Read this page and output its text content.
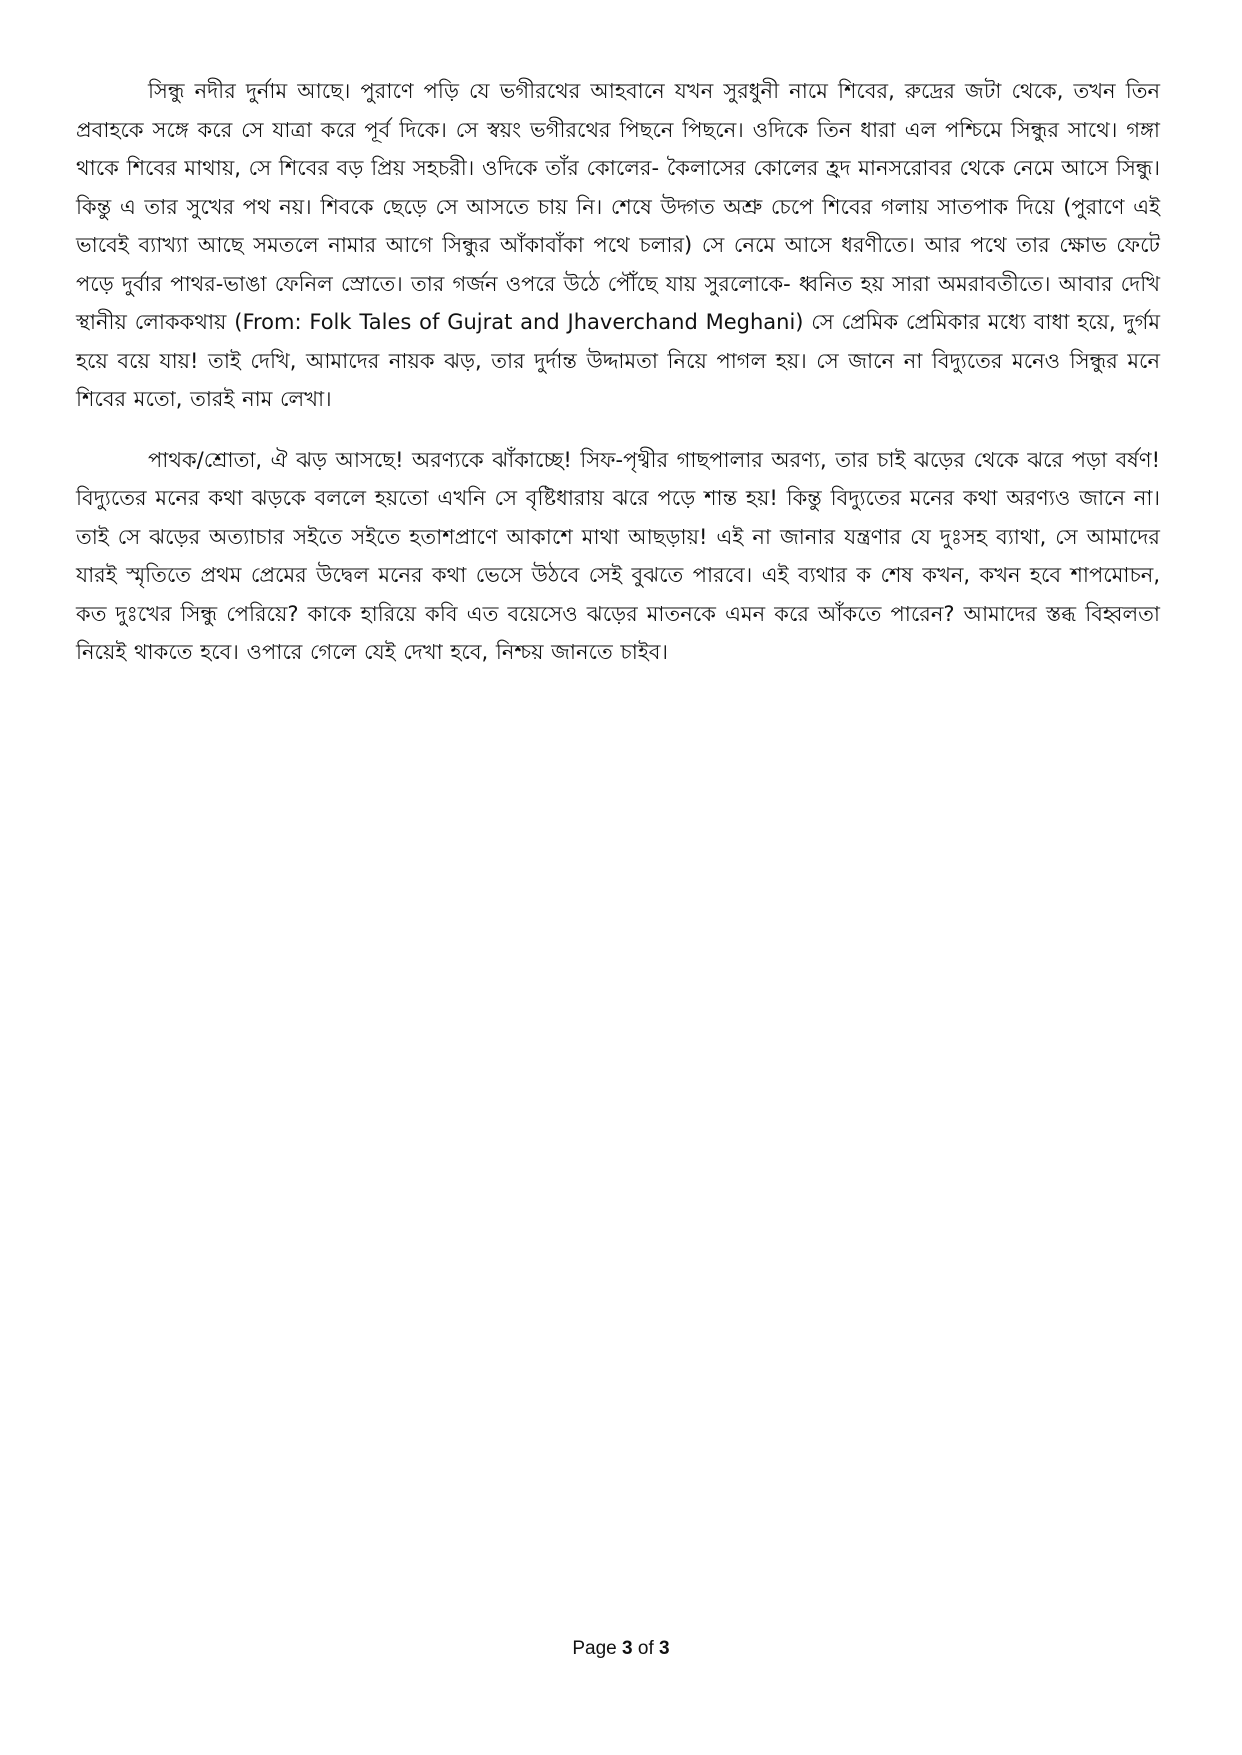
সিন্ধু নদীর দুর্নাম আছে। পুরাণে পড়ি যে ভগীরথের আহবানে যখন সুরধুনী নামে শিবের, রুদ্রের জটা থেকে, তখন তিন প্রবাহকে সঙ্গে করে সে যাত্রা করে পূর্ব দিকে। সে স্বয়ং ভগীরথের পিছনে পিছনে। ওদিকে তিন ধারা এল পশ্চিমে সিন্ধুর সাথে। গঙ্গা থাকে শিবের মাথায়, সে শিবের বড় প্রিয় সহচরী। ওদিকে তাঁর কোলের- কৈলাসের কোলের হ্রদ মানসরোবর থেকে নেমে আসে সিন্ধু। কিন্তু এ তার সুখের পথ নয়। শিবকে ছেড়ে সে আসতে চায় নি। শেষে উদ্গত অশ্রু চেপে শিবের গলায় সাতপাক দিয়ে (পুরাণে এই ভাবেই ব্যাখ্যা আছে সমতলে নামার আগে সিন্ধুর আঁকাবাঁকা পথে চলার) সে নেমে আসে ধরণীতে। আর পথে তার ক্ষোভ ফেটে পড়ে দুর্বার পাথর-ভাঙা ফেনিল স্রোতে। তার গর্জন ওপরে উঠে পৌঁছে যায় সুরলোকে- ধ্বনিত হয় সারা অমরাবতীতে। আবার দেখি স্থানীয় লোককথায় (From: Folk Tales of Gujrat and Jhaverchand Meghani) সে প্রেমিক প্রেমিকার মধ্যে বাধা হয়ে, দুর্গম হয়ে বয়ে যায়! তাই দেখি, আমাদের নায়ক ঝড়, তার দুর্দান্ত উদ্দামতা নিয়ে পাগল হয়। সে জানে না বিদ্যুতের মনেও সিন্ধুর মনে শিবের মতো, তারই নাম লেখা।

পাথক/শ্রোতা, ঐ ঝড় আসছে! অরণ্যকে ঝাঁকাচ্ছে! সিফ-পৃথ্বীর গাছপালার অরণ্য, তার চাই ঝড়ের থেকে ঝরে পড়া বর্ষণ! বিদ্যুতের মনের কথা ঝড়কে বললে হয়তো এখনি সে বৃষ্টিধারায় ঝরে পড়ে শান্ত হয়! কিন্তু বিদ্যুতের মনের কথা অরণ্যও জানে না। তাই সে ঝড়ের অত্যাচার সইতে সইতে হতাশপ্রাণে আকাশে মাথা আছড়ায়! এই না জানার যন্ত্রণার যে দুঃসহ ব্যাথা, সে আমাদের যারই স্মৃতিতে প্রথম প্রেমের উদ্বেল মনের কথা ভেসে উঠবে সেই বুঝতে পারবে। এই ব্যথার ক শেষ কখন, কখন হবে শাপমোচন, কত দুঃখের সিন্ধু পেরিয়ে? কাকে হারিয়ে কবি এত বয়েসেও ঝড়ের মাতনকে এমন করে আঁকতে পারেন? আমাদের স্তব্ধ বিহ্বলতা নিয়েই থাকতে হবে। ওপারে গেলে যেই দেখা হবে, নিশ্চয় জানতে চাইব।

Page 3 of 3
